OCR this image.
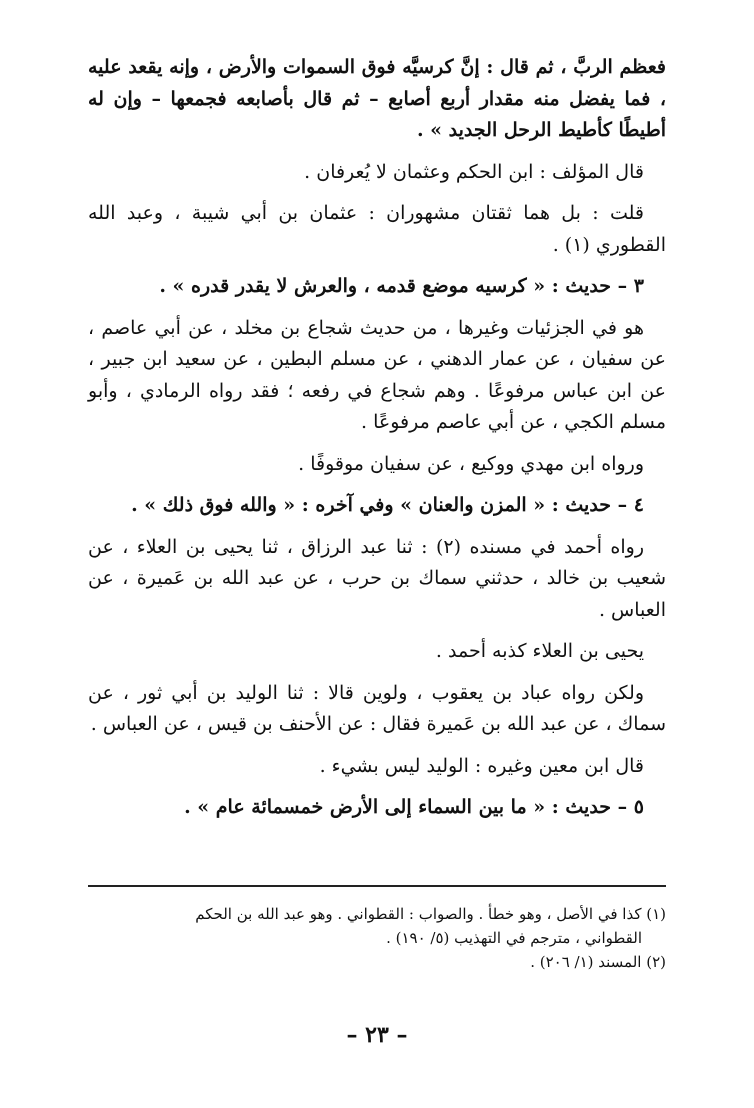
فعظم الربَّ ، ثم قال : إنَّ كرسيَّه فوق السموات والأرض ، وإنه يقعد عليه ، فما يفضل منه مقدار أربع أصابع – ثم قال بأصابعه فجمعها – وإن له أطيطًا كأطيط الرحل الجديد » .

قال المؤلف : ابن الحكم وعثمان لا يُعرفان .

قلت : بل هما ثقتان مشهوران : عثمان بن أبي شيبة ، وعبد الله القطوري (١) .

٣ – حديث : « كرسيه موضع قدمه ، والعرش لا يقدر قدره » .

هو في الجزئيات وغيرها ، من حديث شجاع بن مخلد ، عن أبي عاصم ، عن سفيان ، عن عمار الدهني ، عن مسلم البطين ، عن سعيد ابن جبير ، عن ابن عباس مرفوعًا . وهم شجاع في رفعه ؛ فقد رواه الرمادي ، وأبو مسلم الكجي ، عن أبي عاصم مرفوعًا .

ورواه ابن مهدي ووكيع ، عن سفيان موقوفًا .

٤ – حديث : « المزن والعنان » وفي آخره : « والله فوق ذلك » .

رواه أحمد في مسنده (٢) : ثنا عبد الرزاق ، ثنا يحيى بن العلاء ، عن شعيب بن خالد ، حدثني سماك بن حرب ، عن عبد الله بن عَميرة ، عن العباس .

يحيى بن العلاء كذبه أحمد .

ولكن رواه عباد بن يعقوب ، ولوين قالا : ثنا الوليد بن أبي ثور ، عن سماك ، عن عبد الله بن عَميرة فقال : عن الأحنف بن قيس ، عن العباس .

قال ابن معين وغيره : الوليد ليس بشيء .

٥ – حديث : « ما بين السماء إلى الأرض خمسمائة عام » .

(١) كذا في الأصل ، وهو خطأ . والصواب : القطواني . وهو عبد الله بن الحكم

القطواني ، مترجم في التهذيب (٥/ ١٩٠) .

(٢) المسند (١/ ٢٠٦) .

– ٢٣ –
